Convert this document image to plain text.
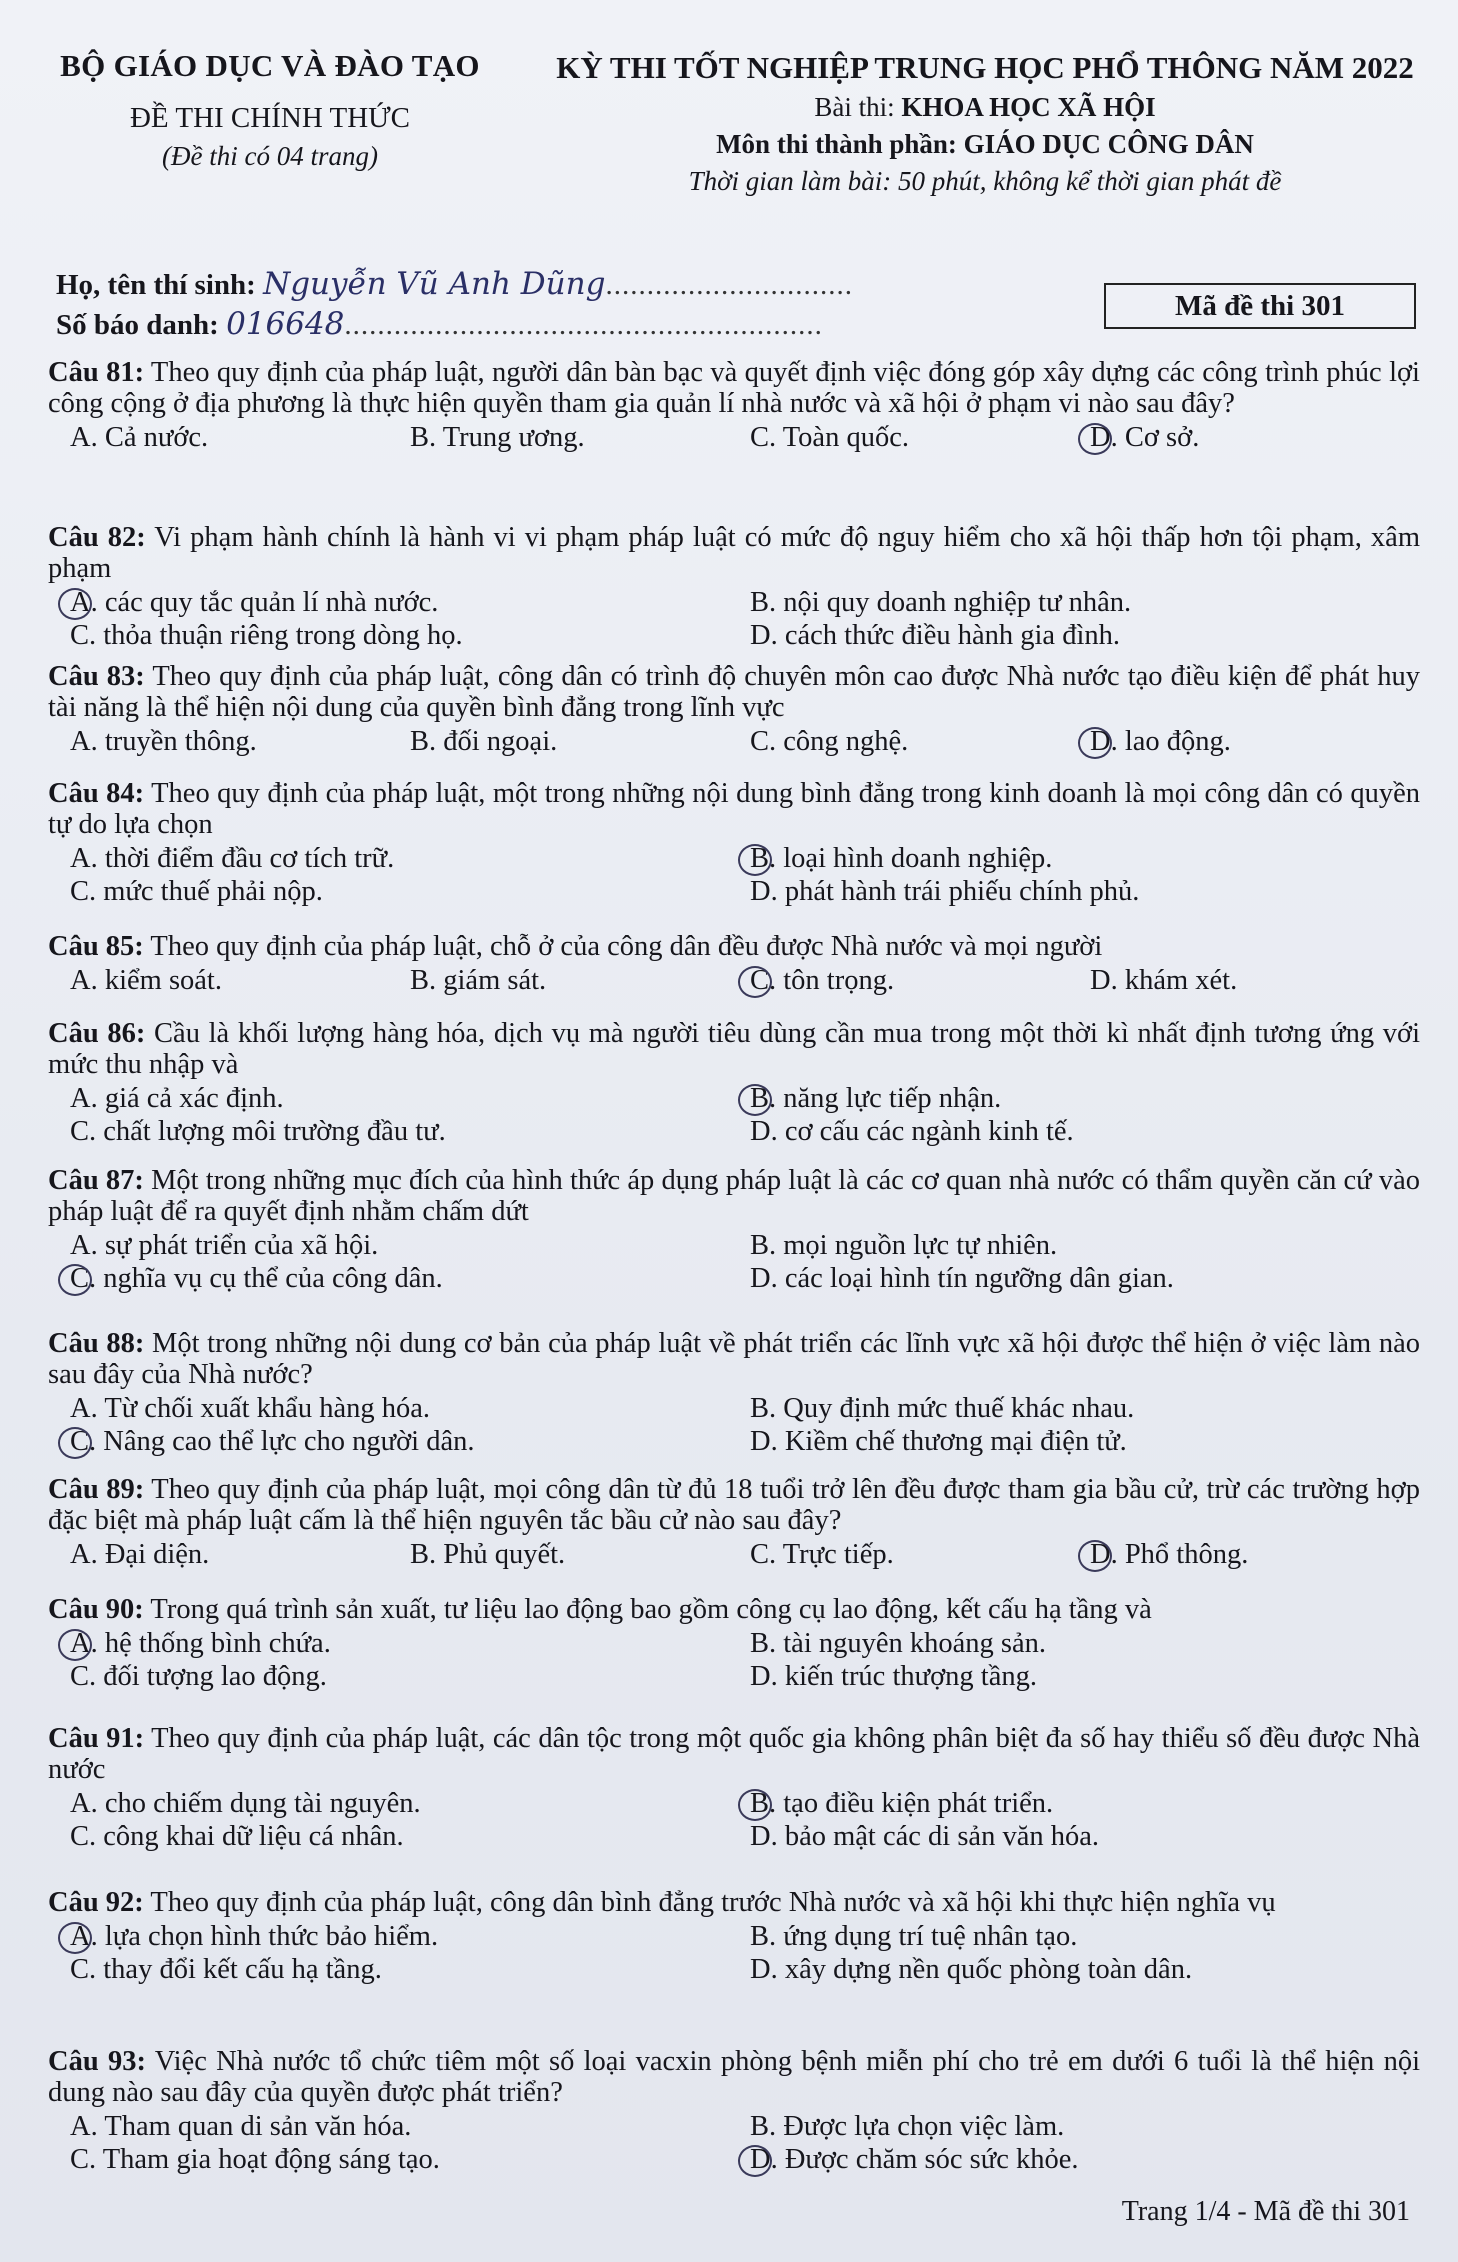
BỘ GIÁO DỤC VÀ ĐÀO TẠO
ĐỀ THI CHÍNH THỨC
(Đề thi có 04 trang)
KỲ THI TỐT NGHIỆP TRUNG HỌC PHỔ THÔNG NĂM 2022
Bài thi: KHOA HỌC XÃ HỘI
Môn thi thành phần: GIÁO DỤC CÔNG DÂN
Thời gian làm bài: 50 phút, không kể thời gian phát đề
Họ, tên thí sinh:
Nguyễn Vũ Anh Dũng ..............................
Số báo danh:
016648 ..........................................................
Mã đề thi 301
Câu 81: Theo quy định của pháp luật, người dân bàn bạc và quyết định việc đóng góp xây dựng các công trình phúc lợi công cộng ở địa phương là thực hiện quyền tham gia quản lí nhà nước và xã hội ở phạm vi nào sau đây?
A. Cả nước.	B. Trung ương.	C. Toàn quốc.	D. Cơ sở.
Câu 82: Vi phạm hành chính là hành vi vi phạm pháp luật có mức độ nguy hiểm cho xã hội thấp hơn tội phạm, xâm phạm
A. các quy tắc quản lí nhà nước.	B. nội quy doanh nghiệp tư nhân.
C. thỏa thuận riêng trong dòng họ.	D. cách thức điều hành gia đình.
Câu 83: Theo quy định của pháp luật, công dân có trình độ chuyên môn cao được Nhà nước tạo điều kiện để phát huy tài năng là thể hiện nội dung của quyền bình đẳng trong lĩnh vực
A. truyền thông.	B. đối ngoại.	C. công nghệ.	D. lao động.
Câu 84: Theo quy định của pháp luật, một trong những nội dung bình đẳng trong kinh doanh là mọi công dân có quyền tự do lựa chọn
A. thời điểm đầu cơ tích trữ.	B. loại hình doanh nghiệp.
C. mức thuế phải nộp.	D. phát hành trái phiếu chính phủ.
Câu 85: Theo quy định của pháp luật, chỗ ở của công dân đều được Nhà nước và mọi người
A. kiểm soát.	B. giám sát.	C. tôn trọng.	D. khám xét.
Câu 86: Cầu là khối lượng hàng hóa, dịch vụ mà người tiêu dùng cần mua trong một thời kì nhất định tương ứng với mức thu nhập và
A. giá cả xác định.	B. năng lực tiếp nhận.
C. chất lượng môi trường đầu tư.	D. cơ cấu các ngành kinh tế.
Câu 87: Một trong những mục đích của hình thức áp dụng pháp luật là các cơ quan nhà nước có thẩm quyền căn cứ vào pháp luật để ra quyết định nhằm chấm dứt
A. sự phát triển của xã hội.	B. mọi nguồn lực tự nhiên.
C. nghĩa vụ cụ thể của công dân.	D. các loại hình tín ngưỡng dân gian.
Câu 88: Một trong những nội dung cơ bản của pháp luật về phát triển các lĩnh vực xã hội được thể hiện ở việc làm nào sau đây của Nhà nước?
A. Từ chối xuất khẩu hàng hóa.	B. Quy định mức thuế khác nhau.
C. Nâng cao thể lực cho người dân.	D. Kiềm chế thương mại điện tử.
Câu 89: Theo quy định của pháp luật, mọi công dân từ đủ 18 tuổi trở lên đều được tham gia bầu cử, trừ các trường hợp đặc biệt mà pháp luật cấm là thể hiện nguyên tắc bầu cử nào sau đây?
A. Đại diện.	B. Phủ quyết.	C. Trực tiếp.	D. Phổ thông.
Câu 90: Trong quá trình sản xuất, tư liệu lao động bao gồm công cụ lao động, kết cấu hạ tầng và
A. hệ thống bình chứa.	B. tài nguyên khoáng sản.
C. đối tượng lao động.	D. kiến trúc thượng tầng.
Câu 91: Theo quy định của pháp luật, các dân tộc trong một quốc gia không phân biệt đa số hay thiểu số đều được Nhà nước
A. cho chiếm dụng tài nguyên.	B. tạo điều kiện phát triển.
C. công khai dữ liệu cá nhân.	D. bảo mật các di sản văn hóa.
Câu 92: Theo quy định của pháp luật, công dân bình đẳng trước Nhà nước và xã hội khi thực hiện nghĩa vụ
A. lựa chọn hình thức bảo hiểm.	B. ứng dụng trí tuệ nhân tạo.
C. thay đổi kết cấu hạ tầng.	D. xây dựng nền quốc phòng toàn dân.
Câu 93: Việc Nhà nước tổ chức tiêm một số loại vacxin phòng bệnh miễn phí cho trẻ em dưới 6 tuổi là thể hiện nội dung nào sau đây của quyền được phát triển?
A. Tham quan di sản văn hóa.	B. Được lựa chọn việc làm.
C. Tham gia hoạt động sáng tạo.	D. Được chăm sóc sức khỏe.
Trang 1/4 - Mã đề thi 301
